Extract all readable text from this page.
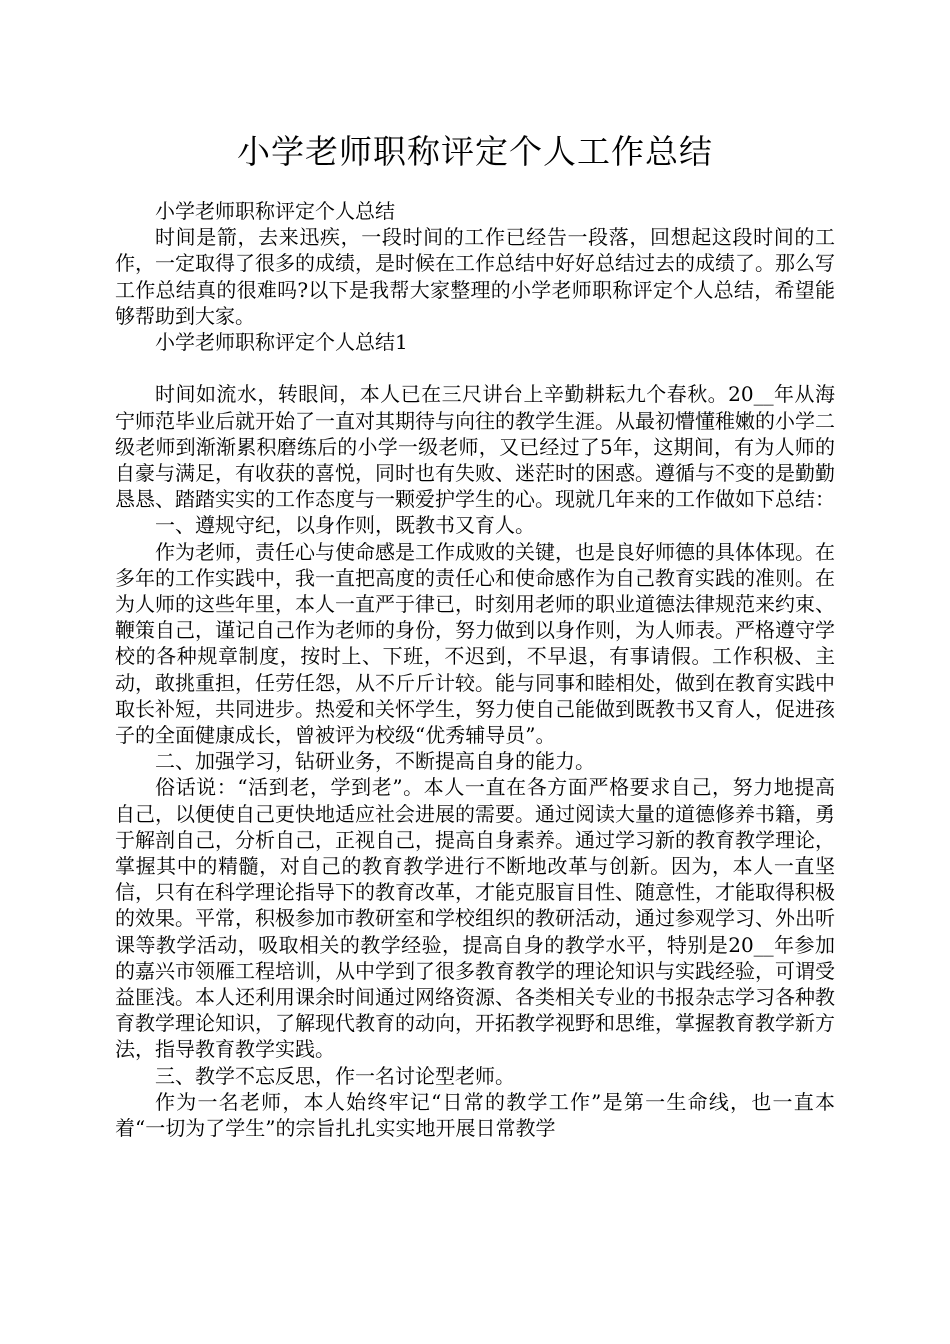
小学老师职称评定个人工作总结

小学老师职称评定个人总结

时间是箭，去来迅疾，一段时间的工作已经告一段落，回想起这段时间的工作，一定取得了很多的成绩，是时候在工作总结中好好总结过去的成绩了。那么写工作总结真的很难吗?以下是我帮大家整理的小学老师职称评定个人总结，希望能够帮助到大家。

小学老师职称评定个人总结1

时间如流水，转眼间，本人已在三尺讲台上辛勤耕耘九个春秋。20__年从海宁师范毕业后就开始了一直对其期待与向往的教学生涯。从最初懵懂稚嫩的小学二级老师到渐渐累积磨练后的小学一级老师，又已经过了5年，这期间，有为人师的自豪与满足，有收获的喜悦，同时也有失败、迷茫时的困惑。遵循与不变的是勤勤恳恳、踏踏实实的工作态度与一颗爱护学生的心。现就几年来的工作做如下总结：

一、遵规守纪，以身作则，既教书又育人。

作为老师，责任心与使命感是工作成败的关键，也是良好师德的具体体现。在多年的工作实践中，我一直把高度的责任心和使命感作为自己教育实践的准则。在为人师的这些年里，本人一直严于律已，时刻用老师的职业道德法律规范来约束、鞭策自己，谨记自己作为老师的身份，努力做到以身作则，为人师表。严格遵守学校的各种规章制度，按时上、下班，不迟到，不早退，有事请假。工作积极、主动，敢挑重担，任劳任怨，从不斤斤计较。能与同事和睦相处，做到在教育实践中取长补短，共同进步。热爱和关怀学生，努力使自己能做到既教书又育人，促进孩子的全面健康成长，曾被评为校级“优秀辅导员”。

二、加强学习，钻研业务，不断提高自身的能力。

俗话说：“活到老，学到老”。本人一直在各方面严格要求自己，努力地提高自己，以便使自己更快地适应社会进展的需要。通过阅读大量的道德修养书籍，勇于解剖自己，分析自己，正视自己，提高自身素养。通过学习新的教育教学理论，掌握其中的精髓，对自己的教育教学进行不断地改革与创新。因为，本人一直坚信，只有在科学理论指导下的教育改革，才能克服盲目性、随意性，才能取得积极的效果。平常，积极参加市教研室和学校组织的教研活动，通过参观学习、外出听课等教学活动，吸取相关的教学经验，提高自身的教学水平，特别是20__年参加的嘉兴市领雁工程培训，从中学到了很多教育教学的理论知识与实践经验，可谓受益匪浅。本人还利用课余时间通过网络资源、各类相关专业的书报杂志学习各种教育教学理论知识，了解现代教育的动向，开拓教学视野和思维，掌握教育教学新方法，指导教育教学实践。

三、教学不忘反思，作一名讨论型老师。

作为一名老师，本人始终牢记“日常的教学工作”是第一生命线，也一直本着“一切为了学生”的宗旨扎扎实实地开展日常教学
